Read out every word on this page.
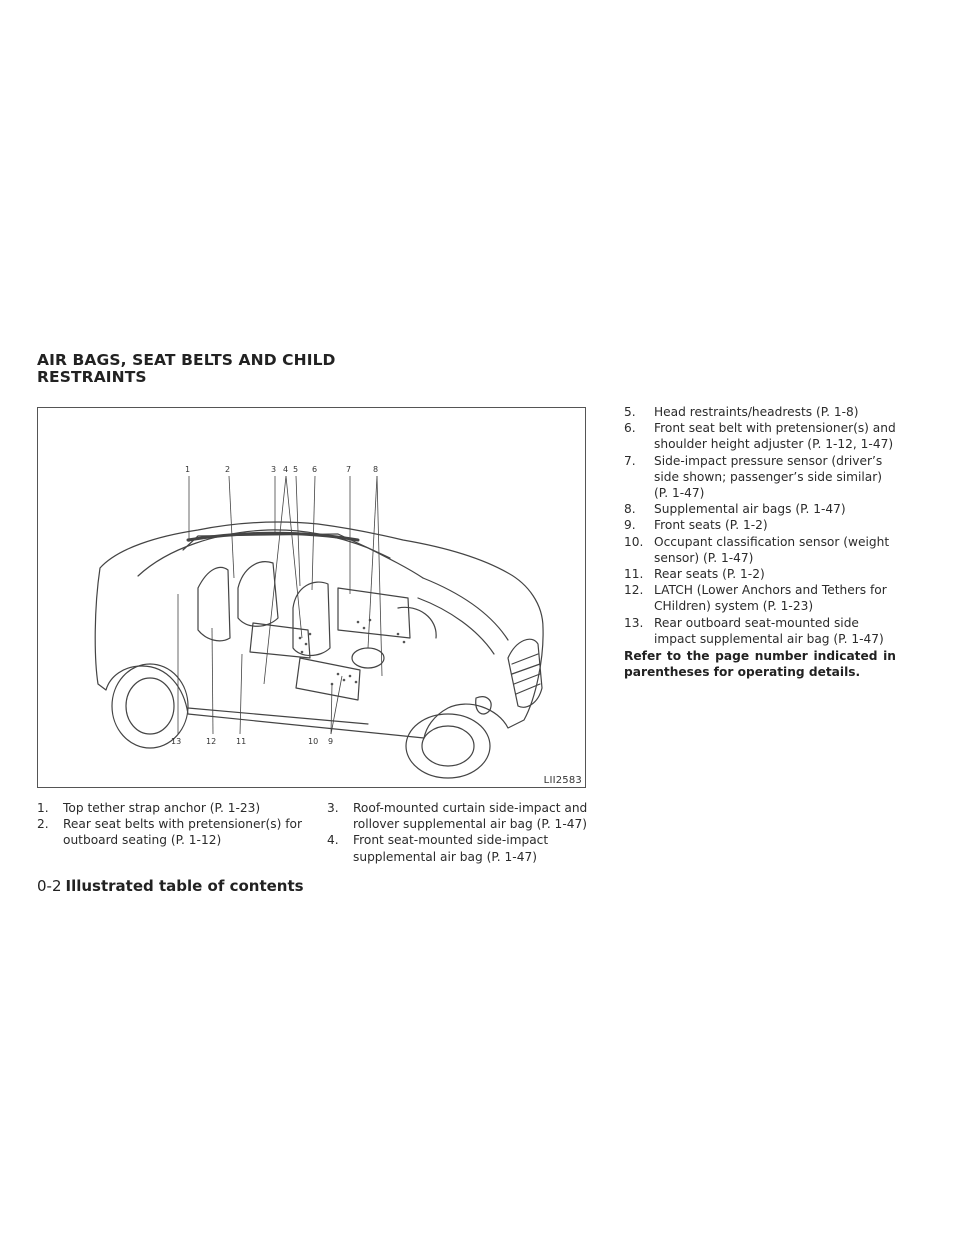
AIR BAGS, SEAT BELTS AND CHILD
RESTRAINTS
1	2	3 4 5 6	7	8
9
10
11
12
13
LII2583
1.	Top tether strap anchor (P. 1-23)
2.	Rear seat belts with pretensioner(s) for outboard seating (P. 1-12)
3.	Roof-mounted curtain side-impact and rollover supplemental air bag (P. 1-47)
4.	Front seat-mounted side-impact supplemental air bag (P. 1-47)
5.	Head restraints/headrests (P. 1-8)
6.	Front seat belt with pretensioner(s) and shoulder height adjuster (P. 1-12, 1-47)
7.	Side-impact pressure sensor (driver’s side shown; passenger’s side similar) (P. 1-47)
8.	Supplemental air bags (P. 1-47)
9.	Front seats (P. 1-2)
10. Occupant classification sensor (weight sensor) (P. 1-47)
11. Rear seats (P. 1-2)
12. LATCH (Lower Anchors and Tethers for CHildren) system (P. 1-23)
13. Rear outboard seat-mounted side impact supplemental air bag (P. 1-47)
Refer to the page number indicated in parentheses for operating details.
0-2 Illustrated table of contents
